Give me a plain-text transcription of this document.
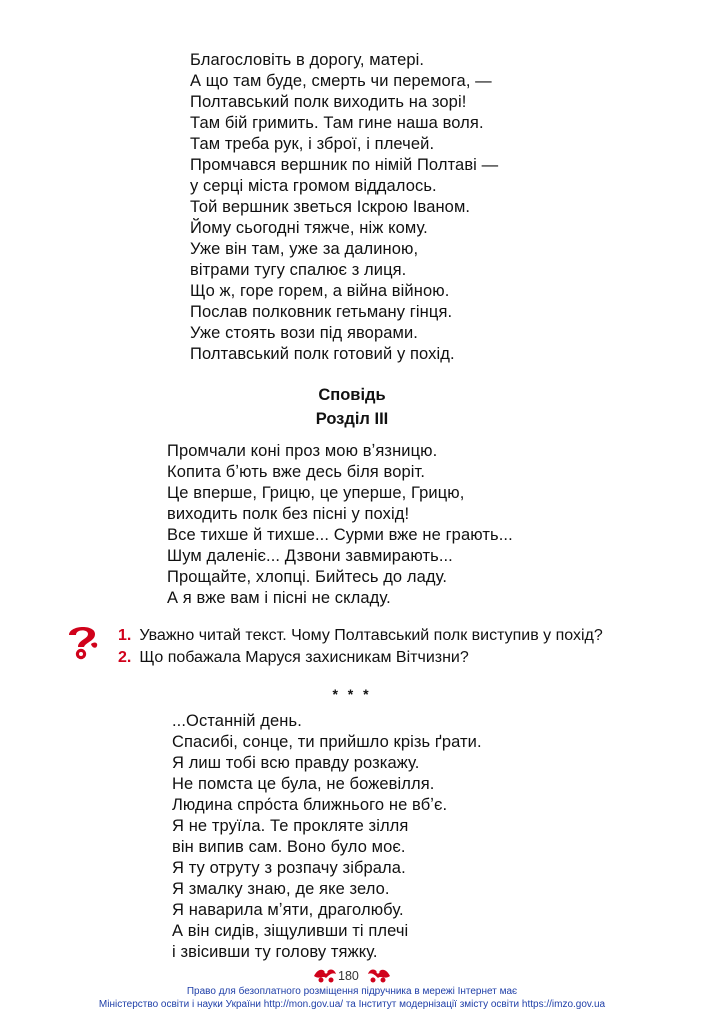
Благословіть в дорогу, матері.
А що там буде, смерть чи перемога, —
Полтавський полк виходить на зорі!
Там бій гримить. Там гине наша воля.
Там треба рук, і зброї, і плечей.
Промчався вершник по німій Полтаві —
у серці міста громом віддалось.
Той вершник зветься Іскрою Іваном.
Йому сьогодні тяжче, ніж кому.
Уже він там, уже за далиною,
вітрами тугу спалює з лиця.
Що ж, горе горем, а війна війною.
Послав полковник гетьману гінця.
Уже стоять вози під яворами.
Полтавський полк готовий у похід.
Сповідь
Розділ ІІІ
Промчали коні проз мою вʼязницю.
Копита бʼють вже десь біля воріт.
Це вперше, Грицю, це уперше, Грицю,
виходить полк без пісні у похід!
Все тихше й тихше... Сурми вже не грають...
Шум даленіє... Дзвони завмирають...
Прощайте, хлопці. Бийтесь до ладу.
А я вже вам і пісні не складу.
1. Уважно читай текст. Чому Полтавський полк виступив у похід?
2. Що побажала Маруся захисникам Вітчизни?
* * *
...Останній день.
Спасибі, сонце, ти прийшло крізь ґрати.
Я лиш тобі всю правду розкажу.
Не помста це була, не божевілля.
Людина спро́ста ближнього не вбʼє.
Я не труїла. Те прокляте зілля
він випив сам. Воно було моє.
Я ту отруту з розпачу зібрала.
Я змалку знаю, де яке зело.
Я наварила мʼяти, драголюбу.
А він сидів, зіщуливши ті плечі
і звісивши ту голову тяжку.
180
Право для безоплатного розміщення підручника в мережі Інтернет має
Міністерство освіти і науки України http://mon.gov.ua/ та Інститут модернізації змісту освіти https://imzo.gov.ua
